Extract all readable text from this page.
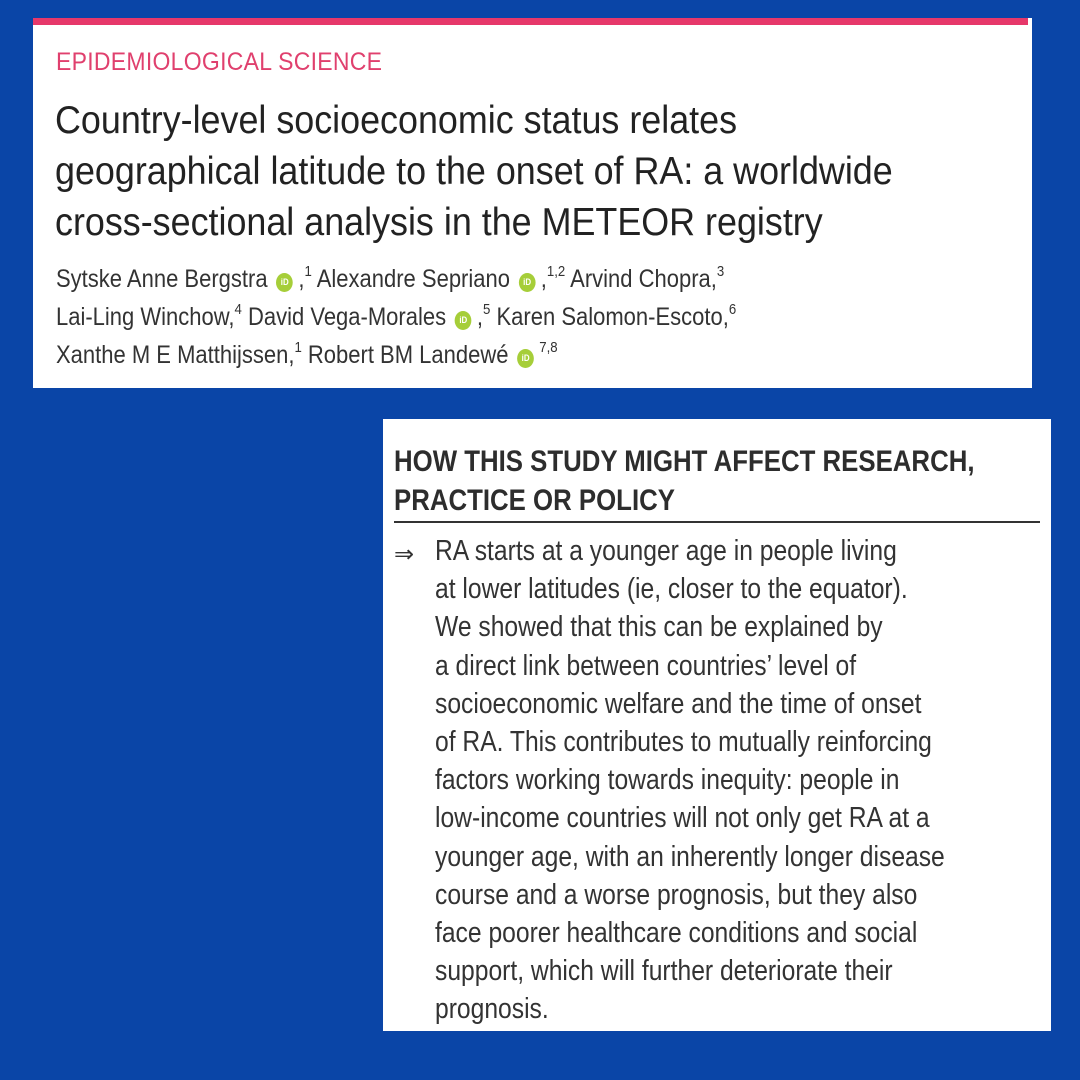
EPIDEMIOLOGICAL SCIENCE
Country-level socioeconomic status relates
geographical latitude to the onset of RA: a worldwide
cross-sectional analysis in the METEOR registry
Sytske Anne Bergstra iD ,$^1$ Alexandre Sepriano iD ,$^{1,2}$ Arvind Chopra,$^3$
Lai-Ling Winchow,$^4$ David Vega-Morales iD ,$^5$ Karen Salomon-Escoto,$^6$
Xanthe M E Matthijssen,$^1$ Robert BM Landewé iD$^{7,8}$
HOW THIS STUDY MIGHT AFFECT RESEARCH,
PRACTICE OR POLICY
⇒ RA starts at a younger age in people living
at lower latitudes (ie, closer to the equator).
We showed that this can be explained by
a direct link between countries’ level of
socioeconomic welfare and the time of onset
of RA. This contributes to mutually reinforcing
factors working towards inequity: people in
low-income countries will not only get RA at a
younger age, with an inherently longer disease
course and a worse prognosis, but they also
face poorer healthcare conditions and social
support, which will further deteriorate their
prognosis.
